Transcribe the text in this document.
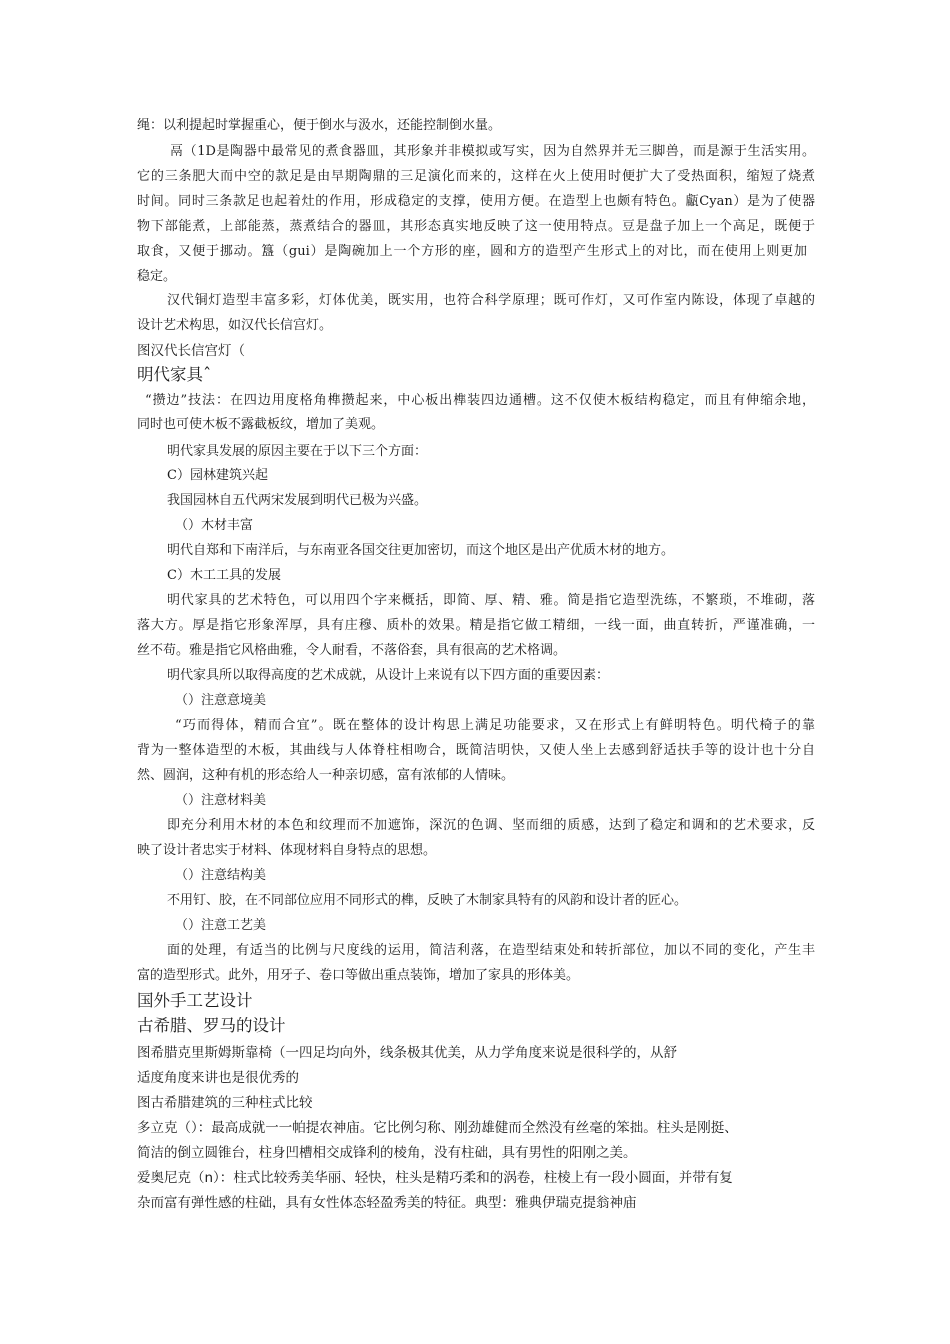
绳：以利提起时掌握重心，便于倒水与汲水，还能控制倒水量。
鬲（1D是陶器中最常见的煮食器皿，其形象并非模拟或写实，因为自然界并无三脚兽，而是源于生活实用。
它的三条肥大而中空的款足是由早期陶鼎的三足演化而来的，这样在火上使用时便扩大了受热面积，缩短了烧煮
时间。同时三条款足也起着灶的作用，形成稳定的支撑，使用方便。在造型上也颇有特色。甗Cyan）是为了使器
物下部能煮，上部能蒸，蒸煮结合的器皿，其形态真实地反映了这一使用特点。豆是盘子加上一个高足，既便于
取食，又便于挪动。簋（gui）是陶碗加上一个方形的座，圆和方的造型产生形式上的对比，而在使用上则更加
稳定。
汉代铜灯造型丰富多彩，灯体优美，既实用，也符合科学原理；既可作灯，又可作室内陈设，体现了卓越的
设计艺术构思，如汉代长信宫灯。
图汉代长信宫灯（
明代家具ˆ
“攒边”技法：在四边用度格角榫攒起来，中心板出榫装四边通槽。这不仅使木板结构稳定，而且有伸缩余地，
同时也可使木板不露截板纹，增加了美观。
明代家具发展的原因主要在于以下三个方面：
C）园林建筑兴起
我国园林自五代两宋发展到明代已极为兴盛。
（）木材丰富
明代自郑和下南洋后，与东南亚各国交往更加密切，而这个地区是出产优质木材的地方。
C）木工工具的发展
明代家具的艺术特色，可以用四个字来概括，即简、厚、精、雅。简是指它造型洗练，不繁琐，不堆砌，落
落大方。厚是指它形象浑厚，具有庄穆、质朴的效果。精是指它做工精细，一线一面，曲直转折，严谨准确，一
丝不苟。雅是指它风格曲雅，令人耐看，不落俗套，具有很高的艺术格调。
明代家具所以取得高度的艺术成就，从设计上来说有以下四方面的重要因素：
（）注意意境美
“巧而得体，精而合宜”。既在整体的设计构思上满足功能要求，又在形式上有鲜明特色。明代椅子的靠
背为一整体造型的木板，其曲线与人体脊柱相吻合，既简洁明快，又使人坐上去感到舒适扶手等的设计也十分自
然、圆润，这种有机的形态给人一种亲切感，富有浓郁的人情味。
（）注意材料美
即充分利用木材的本色和纹理而不加遮饰，深沉的色调、坚而细的质感，达到了稳定和调和的艺术要求，反
映了设计者忠实于材料、体现材料自身特点的思想。
（）注意结构美
不用钉、胶，在不同部位应用不同形式的榫，反映了木制家具特有的风韵和设计者的匠心。
（）注意工艺美
面的处理，有适当的比例与尺度线的运用，简洁利落，在造型结束处和转折部位，加以不同的变化，产生丰
富的造型形式。此外，用牙子、卷口等做出重点装饰，增加了家具的形体美。
国外手工艺设计
古希腊、罗马的设计
图希腊克里斯姆斯靠椅（一四足均向外，线条极其优美，从力学角度来说是很科学的，从舒
适度角度来讲也是很优秀的
图古希腊建筑的三种柱式比较
多立克（）：最高成就一一帕提农神庙。它比例匀称、刚劲雄健而全然没有丝毫的笨拙。柱头是刚挺、
简洁的倒立圆锥台，柱身凹槽相交成锋利的棱角，没有柱础，具有男性的阳刚之美。
爱奥尼克（n）：柱式比较秀美华丽、轻快，柱头是精巧柔和的涡卷，柱棱上有一段小圆面，并带有复
杂而富有弹性感的柱础，具有女性体态轻盈秀美的特征。典型：雅典伊瑞克提翁神庙
